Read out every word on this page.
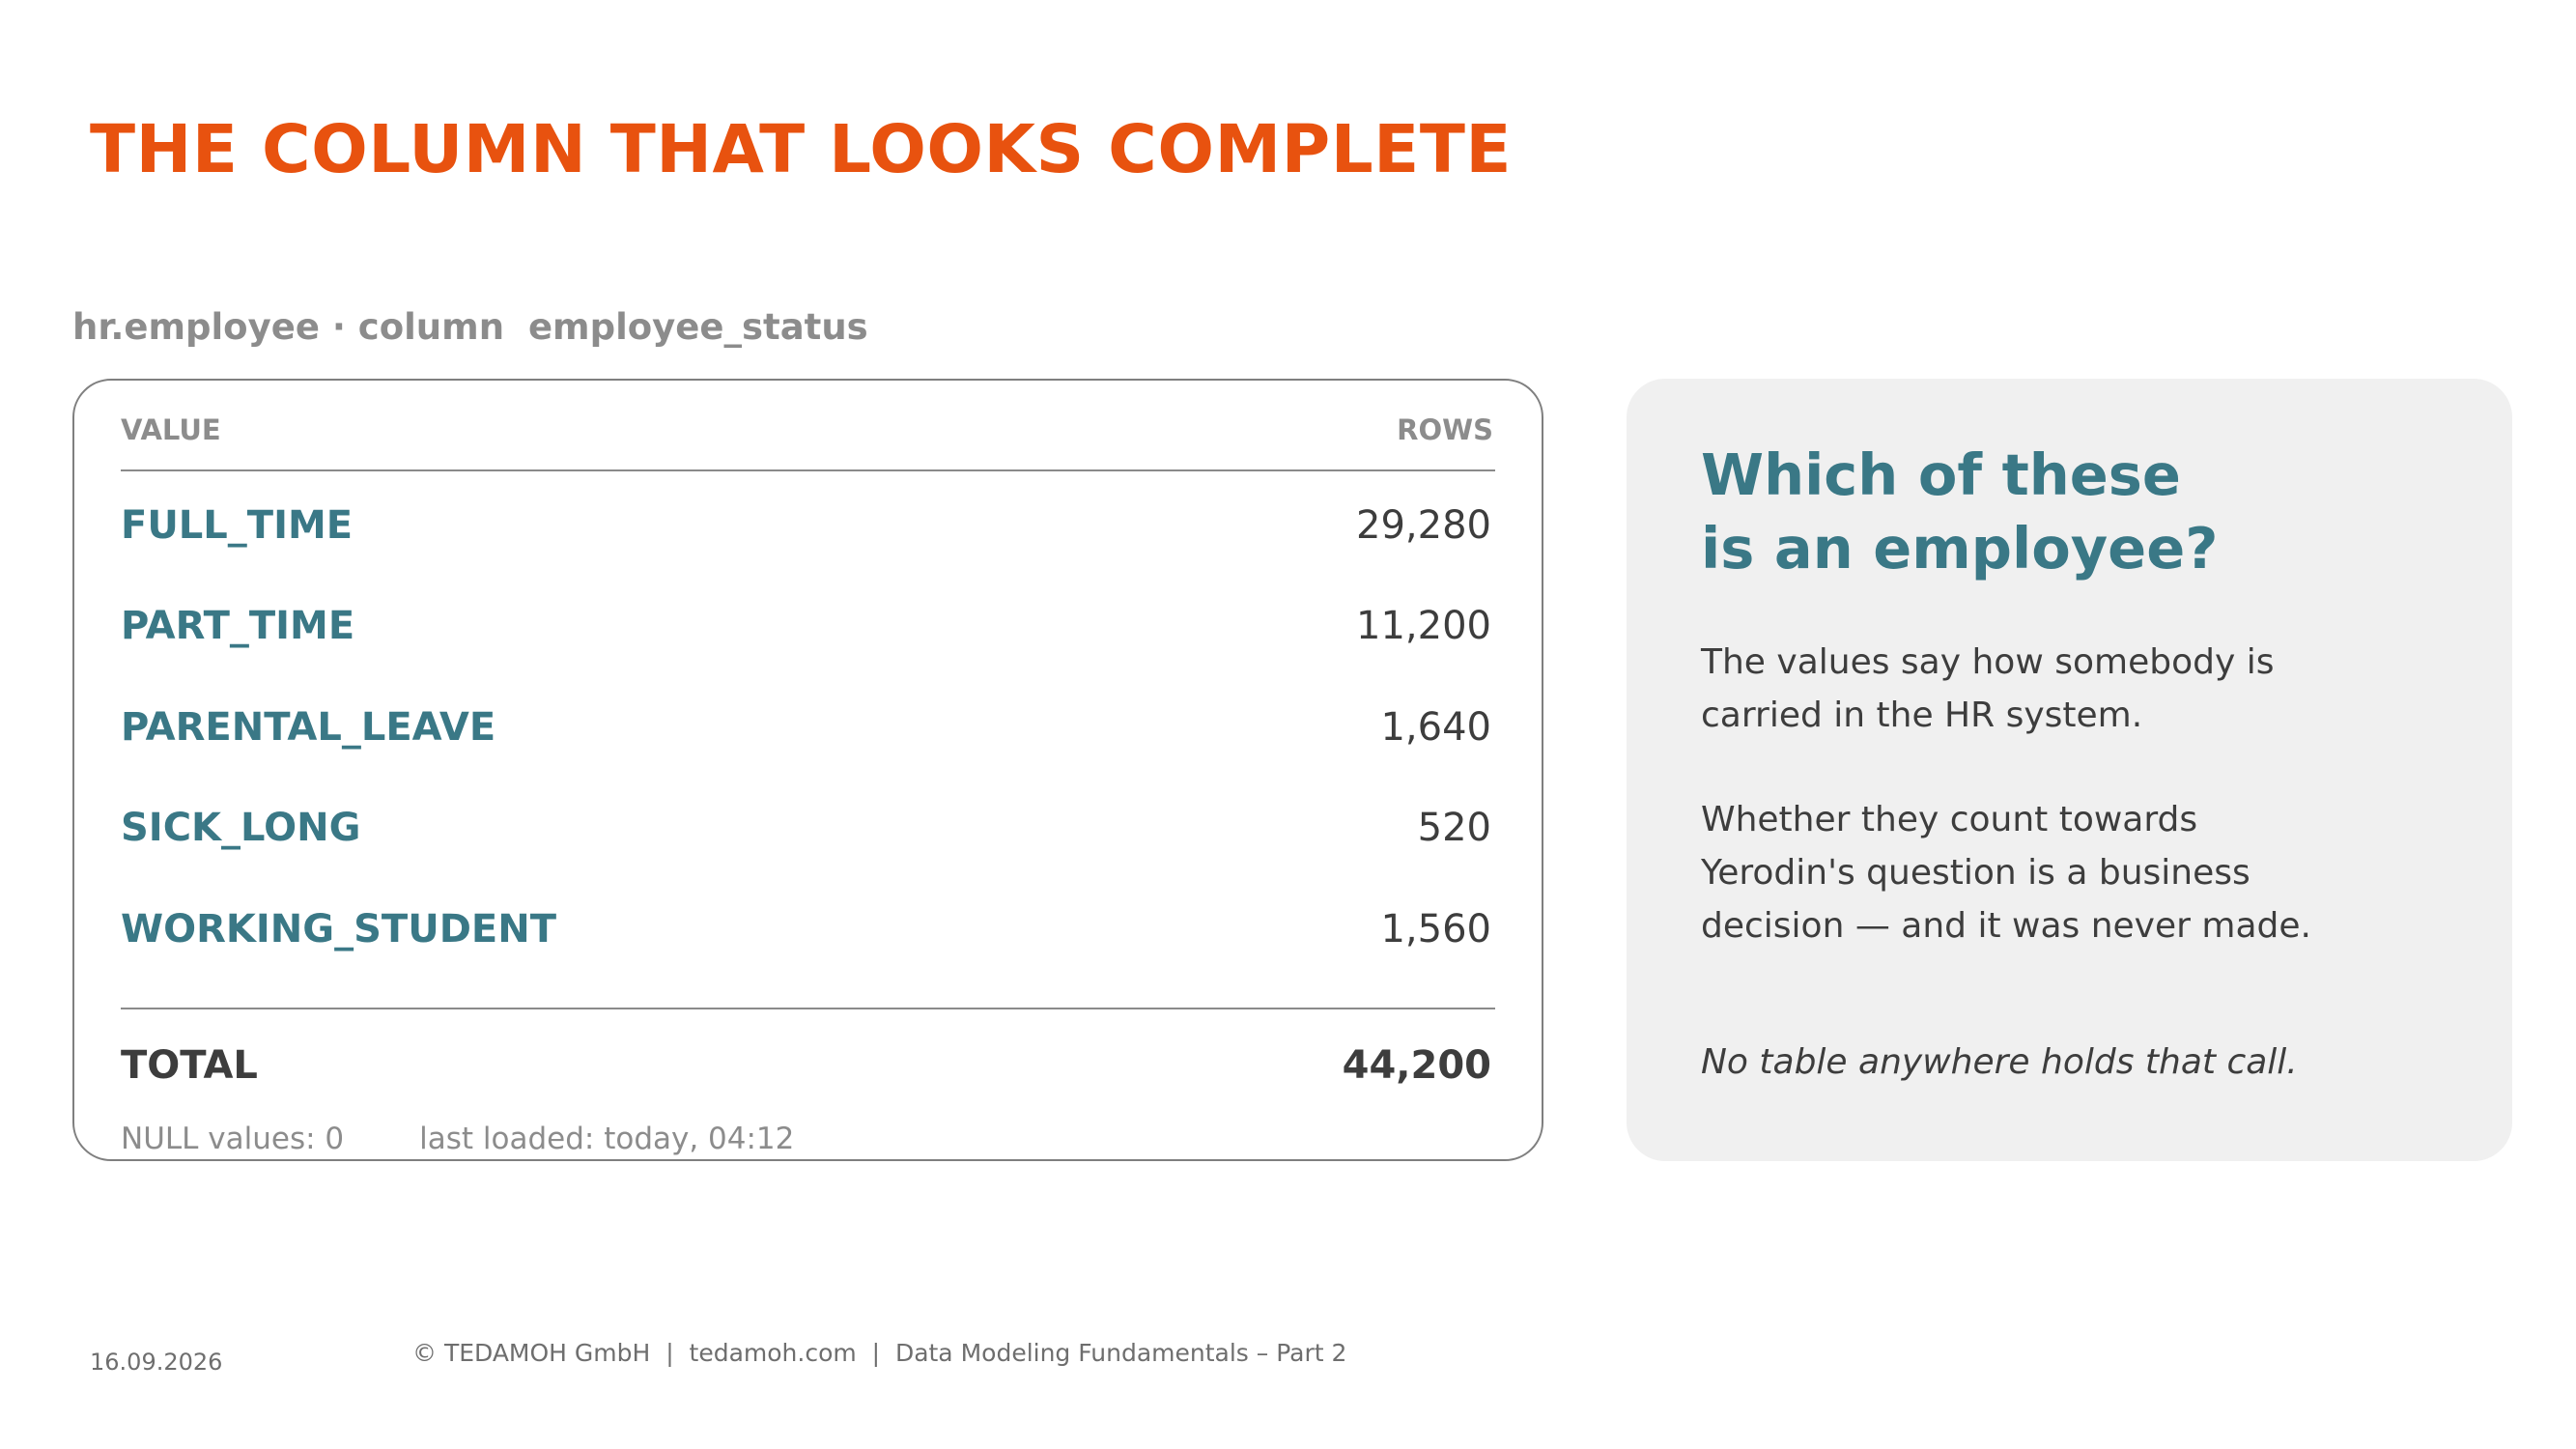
THE COLUMN THAT LOOKS COMPLETE
hr.employee · column employee_status
VALUE	ROWS
FULL_TIME	29,280
PART_TIME	11,200
PARENTAL_LEAVE	1,640
SICK_LONG	520
WORKING_STUDENT	1,560
TOTAL	44,200
NULL values: 0	last loaded: today, 04:12
Which of these
is an employee?
The values say how somebody is
carried in the HR system.
Whether they count towards
Yerodin's question is a business
decision — and it was never made.
No table anywhere holds that call.
16.09.2026	© TEDAMOH GmbH  |  tedamoh.com  |  Data Modeling Fundamentals – Part 2
